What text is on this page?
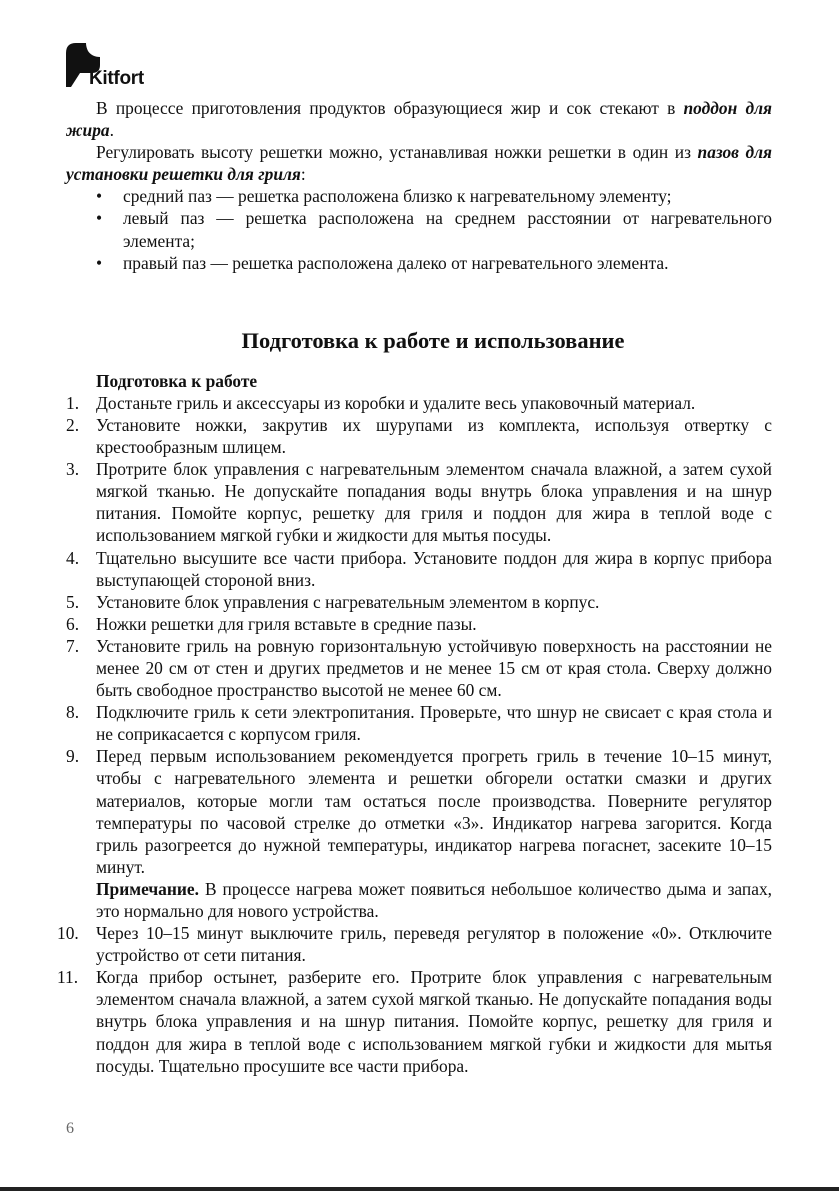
Kitfort

В процессе приготовления продуктов образующиеся жир и сок стекают в поддон для жира.

Регулировать высоту решетки можно, устанавливая ножки решетки в один из пазов для установки решетки для гриля:

• средний паз — решетка расположена близко к нагревательному элементу;
• левый паз — решетка расположена на среднем расстоянии от нагревательного элемента;
• правый паз — решетка расположена далеко от нагревательного элемента.
Подготовка к работе и использование

Подготовка к работе

1. Достаньте гриль и аксессуары из коробки и удалите весь упаковочный материал.
2. Установите ножки, закрутив их шурупами из комплекта, используя отвертку с крестообразным шлицем.
3. Протрите блок управления с нагревательным элементом сначала влажной, а затем сухой мягкой тканью. Не допускайте попадания воды внутрь блока управления и на шнур питания. Помойте корпус, решетку для гриля и поддон для жира в теплой воде с использованием мягкой губки и жидкости для мытья посуды.
4. Тщательно высушите все части прибора. Установите поддон для жира в корпус прибора выступающей стороной вниз.
5. Установите блок управления с нагревательным элементом в корпус.
6. Ножки решетки для гриля вставьте в средние пазы.
7. Установите гриль на ровную горизонтальную устойчивую поверхность на расстоянии не менее 20 см от стен и других предметов и не менее 15 см от края стола. Сверху должно быть свободное пространство высотой не менее 60 см.
8. Подключите гриль к сети электропитания. Проверьте, что шнур не свисает с края стола и не соприкасается с корпусом гриля.
9. Перед первым использованием рекомендуется прогреть гриль в течение 10–15 минут, чтобы с нагревательного элемента и решетки обгорели остатки смазки и других материалов, которые могли там остаться после производства. Поверните регулятор температуры по часовой стрелке до отметки «3». Индикатор нагрева загорится. Когда гриль разогреется до нужной температуры, индикатор нагрева погаснет, засеките 10–15 минут.

Примечание. В процессе нагрева может появиться небольшое количество дыма и запах, это нормально для нового устройства.

10. Через 10–15 минут выключите гриль, переведя регулятор в положение «0». Отключите устройство от сети питания.
11. Когда прибор остынет, разберите его. Протрите блок управления с нагревательным элементом сначала влажной, а затем сухой мягкой тканью. Не допускайте попадания воды внутрь блока управления и на шнур питания. Помойте корпус, решетку для гриля и поддон для жира в теплой воде с использованием мягкой губки и жидкости для мытья посуды. Тщательно просушите все части прибора.
6
